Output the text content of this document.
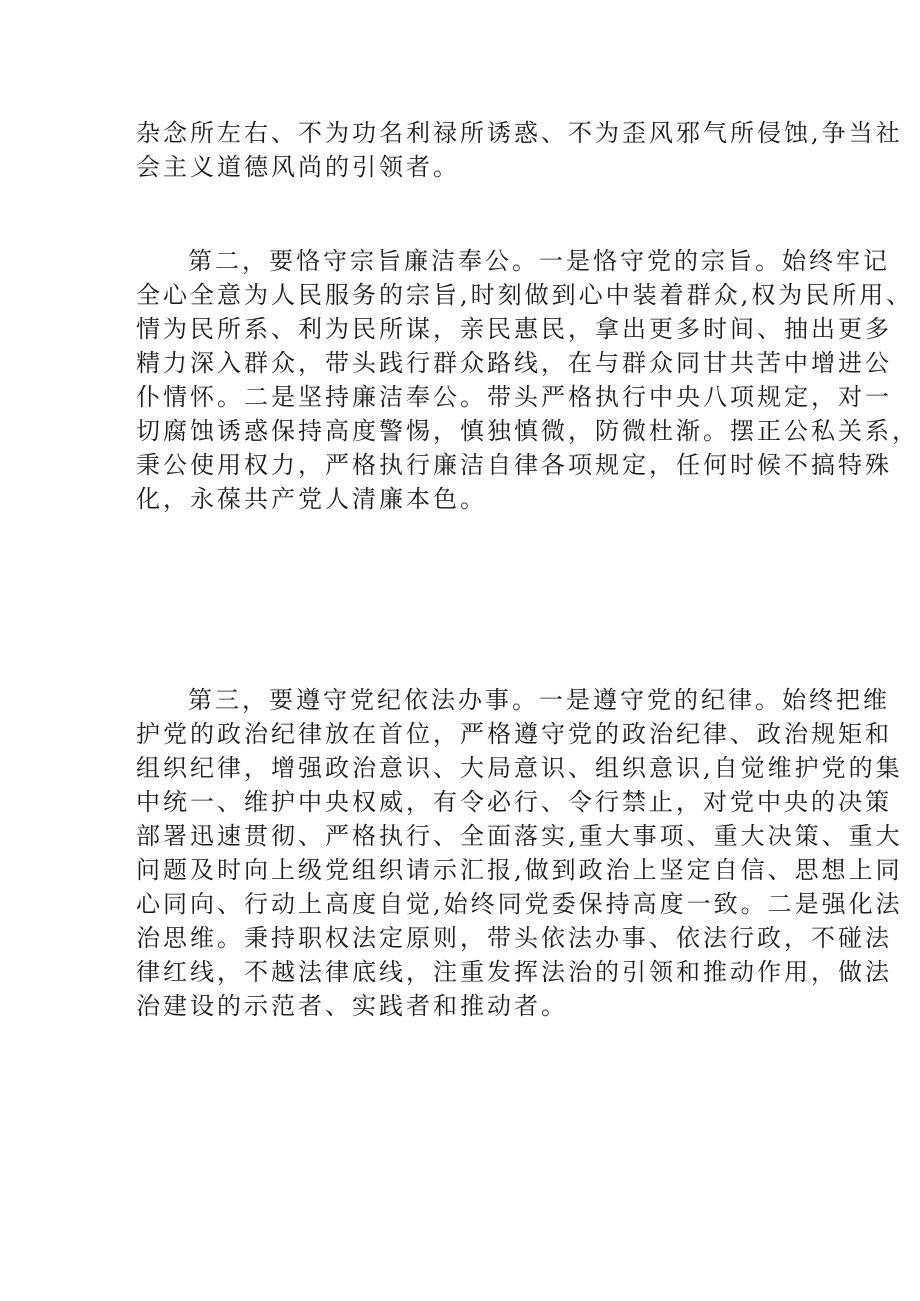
杂念所左右、不为功名利禄所诱惑、不为歪风邪气所侵蚀,争当社
会主义道德风尚的引领者。
第二，要恪守宗旨廉洁奉公。一是恪守党的宗旨。始终牢记
全心全意为人民服务的宗旨,时刻做到心中装着群众,权为民所用、
情为民所系、利为民所谋，亲民惠民，拿出更多时间、抽出更多
精力深入群众，带头践行群众路线，在与群众同甘共苦中增进公
仆情怀。二是坚持廉洁奉公。带头严格执行中央八项规定，对一
切腐蚀诱惑保持高度警惕，慎独慎微，防微杜渐。摆正公私关系，
秉公使用权力，严格执行廉洁自律各项规定，任何时候不搞特殊
化，永葆共产党人清廉本色。
第三，要遵守党纪依法办事。一是遵守党的纪律。始终把维
护党的政治纪律放在首位，严格遵守党的政治纪律、政治规矩和
组织纪律，增强政治意识、大局意识、组织意识,自觉维护党的集
中统一、维护中央权威，有令必行、令行禁止，对党中央的决策
部署迅速贯彻、严格执行、全面落实,重大事项、重大决策、重大
问题及时向上级党组织请示汇报,做到政治上坚定自信、思想上同
心同向、行动上高度自觉,始终同党委保持高度一致。二是强化法
治思维。秉持职权法定原则，带头依法办事、依法行政，不碰法
律红线，不越法律底线，注重发挥法治的引领和推动作用，做法
治建设的示范者、实践者和推动者。
